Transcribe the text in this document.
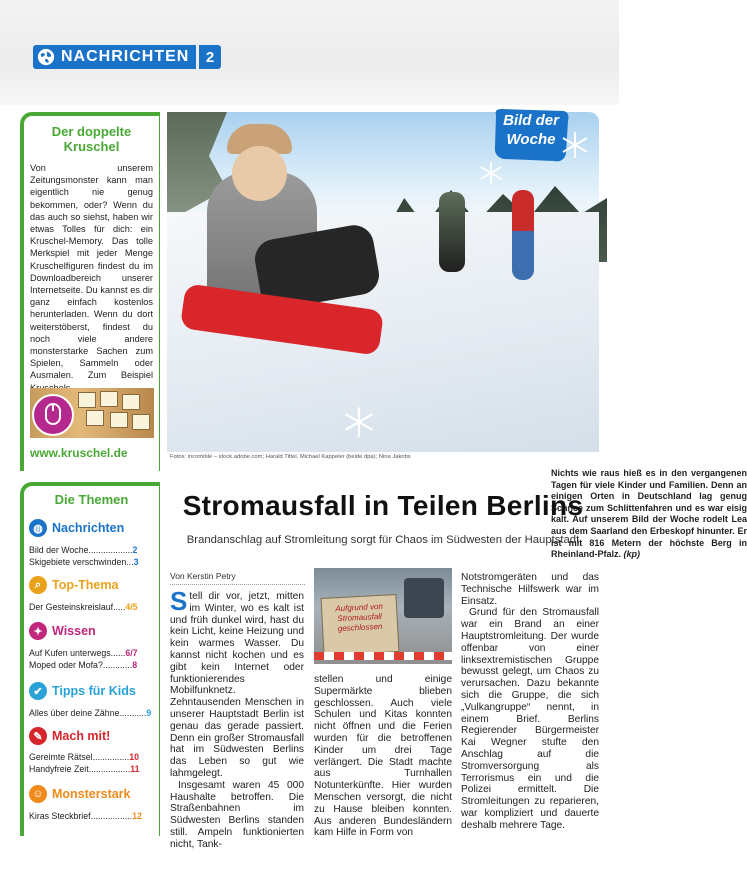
NACHRICHTEN	2
Der doppelte
Kruschel
Von unserem Zeitungsmonster kann man eigentlich nie genug bekommen, oder? Wenn du das auch so siehst, haben wir etwas Tolles für dich: ein Kruschel-Memory. Das tolle Merkspiel mit jeder Menge Kruschelfiguren findest du im Downloadbereich unserer Internetseite. Du kannst es dir ganz einfach kostenlos herunterladen. Wenn du dort weiterstöberst, findest du noch viele andere monsterstarke Sachen zum Spielen, Sammeln oder Ausmalen. Zum Beispiel
www.kruschel.de
Die Themen
◍ Nachrichten
Bild der Woche .................. 2
Skigebiete verschwinden ... 3
⌕ Top-Thema
Der Gesteinskreislauf ..... 4/5
✦ Wissen
Auf Kufen unterwegs ...... 6/7
Moped oder Mofa? ............ 8
✔ Tipps für Kids
Alles über deine Zähne ........... 9
✎ Mach mit!
Gereimte Rätsel ............... 10
Handyfreie Zeit ................. 11
☺ Monsterstark
Kiras Steckbrief ................. 12
Nichts wie raus hieß es in den vergangenen Tagen für viele Kinder und Familien. Denn an einigen Orten in Deutschland lag genug Schnee zum Schlittenfahren und es war eisig kalt. Auf unserem Bild der Woche rodelt Lea aus dem Saarland den Erbeskopf hinunter. Er ist mit 816 Metern der höchste Berg in Rheinland-Pfalz. (kp)
Bild der
Woche
Fotos: incomible – stock.adobe.com; Harald Tittel, Michael Kappeler (beide dpa); Nina Jakobs
Stromausfall in Teilen Berlins
Brandanschlag auf Stromleitung sorgt für Chaos im Südwesten der Hauptstadt
Von Kerstin Petry
S tell dir vor, jetzt, mitten im Winter, wo es kalt ist und früh dunkel wird, hast du kein Licht, keine Heizung und kein warmes Wasser. Du kannst nicht kochen und es gibt kein Internet oder funktionierendes Mobilfunknetz. Zehntausenden Menschen in unserer Hauptstadt Berlin ist genau das gerade passiert. Denn ein großer Stromausfall hat im Südwesten Berlins das Leben so gut wie lahmgelegt.

Insgesamt waren 45 000 Haushalte betroffen. Die Straßenbahnen im Südwesten Berlins standen still. Ampeln funktionierten nicht, Tank-

Aufgrund von Stromausfall geschlossen
stellen und einige Supermärkte blieben geschlossen. Auch viele Schulen und Kitas konnten nicht öffnen und die Ferien wurden für die betroffenen Kinder um drei Tage verlängert. Die Stadt machte aus Turnhallen Notunterkünfte. Hier wurden Menschen versorgt, die nicht zu Hause bleiben konnten. Aus anderen Bundesländern kam Hilfe in Form von
Notstromgeräten und das Technische Hilfswerk war im Einsatz.

Grund für den Stromausfall war ein Brand an einer Hauptstromleitung. Der wurde offenbar von einer linksextremistischen Gruppe bewusst gelegt, um Chaos zu verursachen. Dazu bekannte sich die Gruppe, die sich „Vulkangruppe“ nennt, in einem Brief. Berlins Regierender Bürgermeister Kai Wegner stufte den Anschlag auf die Stromversorgung als Terrorismus ein und die Polizei ermittelt. Die Stromleitungen zu reparieren, war kompliziert und dauerte deshalb mehrere Tage.
